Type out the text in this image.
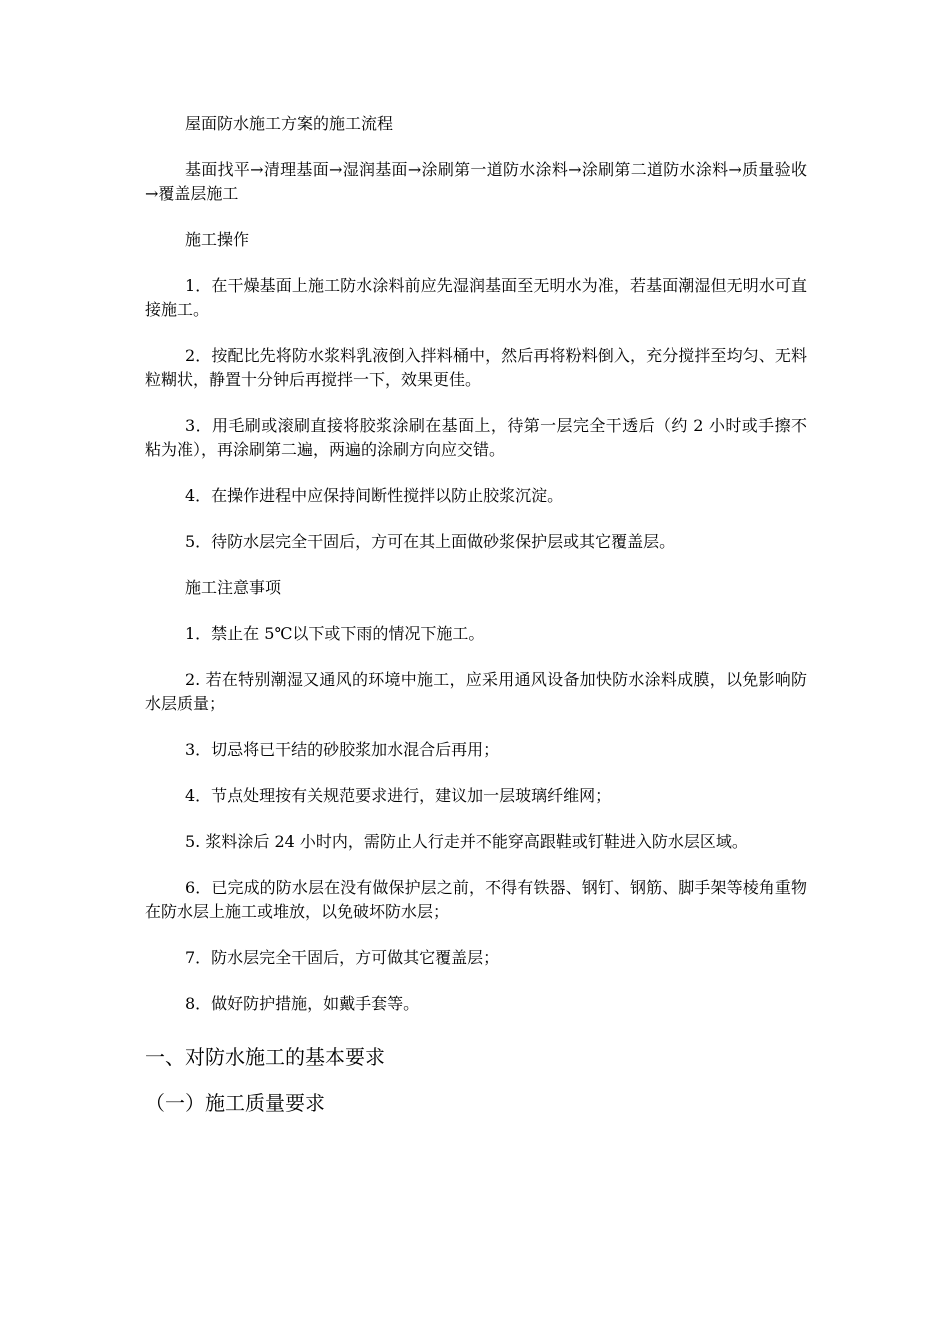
屋面防水施工方案的施工流程

基面找平→清理基面→湿润基面→涂刷第一道防水涂料→涂刷第二道防水涂料→质量验收→覆盖层施工

施工操作

1．在干燥基面上施工防水涂料前应先湿润基面至无明水为准，若基面潮湿但无明水可直接施工。

2．按配比先将防水浆料乳液倒入拌料桶中，然后再将粉料倒入，充分搅拌至均匀、无料粒糊状，静置十分钟后再搅拌一下，效果更佳。

3．用毛刷或滚刷直接将胶浆涂刷在基面上，待第一层完全干透后（约 2 小时或手擦不粘为准），再涂刷第二遍，两遍的涂刷方向应交错。

4．在操作进程中应保持间断性搅拌以防止胶浆沉淀。

5．待防水层完全干固后，方可在其上面做砂浆保护层或其它覆盖层。

施工注意事项

1．禁止在 5℃以下或下雨的情况下施工。

2. 若在特别潮湿又通风的环境中施工，应采用通风设备加快防水涂料成膜，以免影响防水层质量；

3．切忌将已干结的砂胶浆加水混合后再用；

4．节点处理按有关规范要求进行，建议加一层玻璃纤维网；

5. 浆料涂后 24 小时内，需防止人行走并不能穿高跟鞋或钉鞋进入防水层区域。

6．已完成的防水层在没有做保护层之前，不得有铁器、钢钉、钢筋、脚手架等棱角重物在防水层上施工或堆放，以免破坏防水层；

7．防水层完全干固后，方可做其它覆盖层；

8．做好防护措施，如戴手套等。

一、对防水施工的基本要求

（一）施工质量要求
